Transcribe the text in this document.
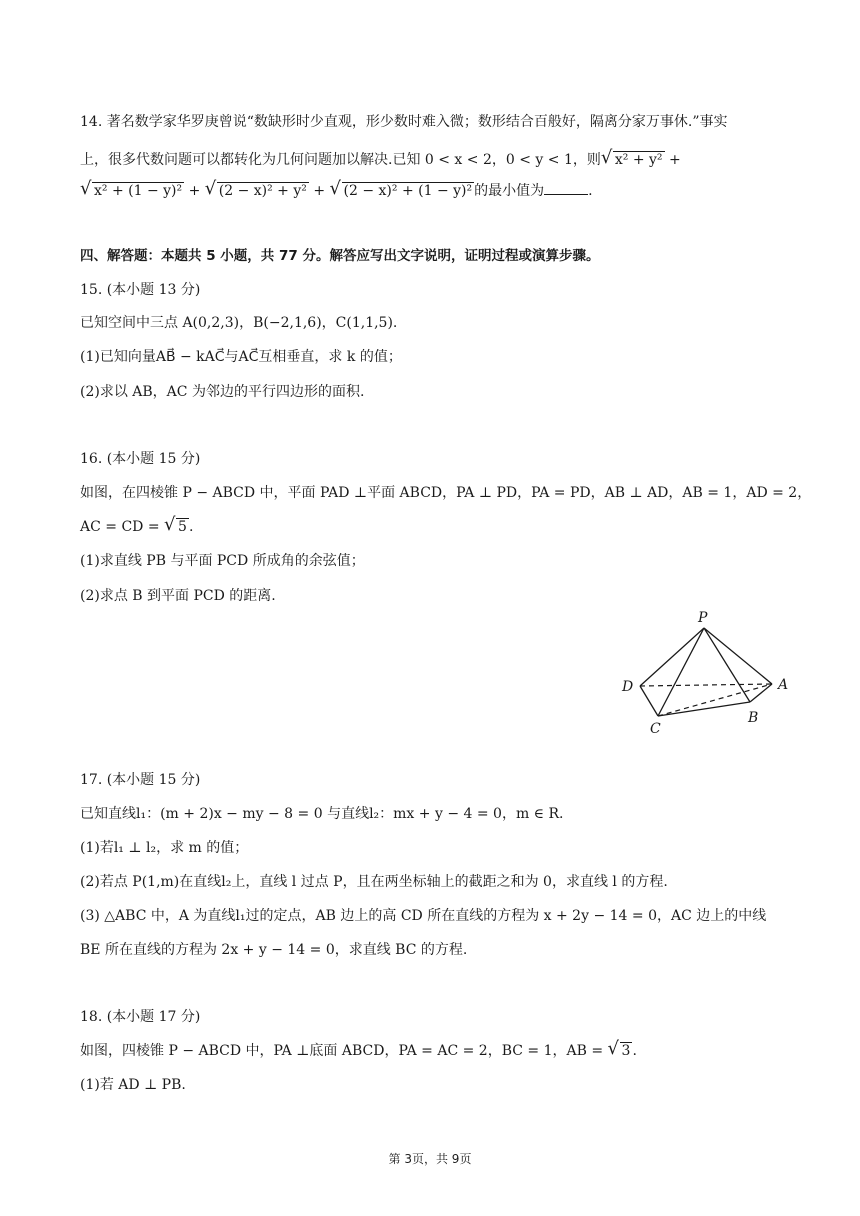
14. 著名数学家华罗庚曾说“数缺形时少直观，形少数时难入微；数形结合百般好，隔离分家万事休.”事实
上，很多代数问题可以都转化为几何问题加以解决.已知 0 < x < 2，0 < y < 1，则 √ x² + y² +
√ x² + (1 − y)² + √ (2 − x)² + y² + √ (2 − x)² + (1 − y)² 的最小值为	.
四、解答题：本题共 5 小题，共 77 分。解答应写出文字说明，证明过程或演算步骤。
15. (本小题 13 分)
已知空间中三点 A(0,2,3)，B(−2,1,6)，C(1,1,5).
(1)已知向量AB⃗ − kAC⃗与AC⃗互相垂直，求 k 的值；
(2)求以 AB，AC 为邻边的平行四边形的面积.
16. (本小题 15 分)
如图，在四棱锥 P − ABCD 中，平面 PAD ⊥平面 ABCD，PA ⊥ PD，PA = PD，AB ⊥ AD，AB = 1，AD = 2，
AC = CD = √ 5 .
(1)求直线 PB 与平面 PCD 所成角的余弦值；
(2)求点 B 到平面 PCD 的距离.
P
D	A
B
C
17. (本小题 15 分)
已知直线l₁：(m + 2)x − my − 8 = 0 与直线l₂：mx + y − 4 = 0，m ∈ R.
(1)若l₁ ⊥ l₂，求 m 的值；
(2)若点 P(1,m)在直线l₂上，直线 l 过点 P，且在两坐标轴上的截距之和为 0，求直线 l 的方程.
(3) △ABC 中，A 为直线l₁过的定点，AB 边上的高 CD 所在直线的方程为 x + 2y − 14 = 0，AC 边上的中线
BE 所在直线的方程为 2x + y − 14 = 0，求直线 BC 的方程.
18. (本小题 17 分)
如图，四棱锥 P − ABCD 中，PA ⊥底面 ABCD，PA = AC = 2，BC = 1，AB = √ 3 .
(1)若 AD ⊥ PB.
第 3页，共 9页
